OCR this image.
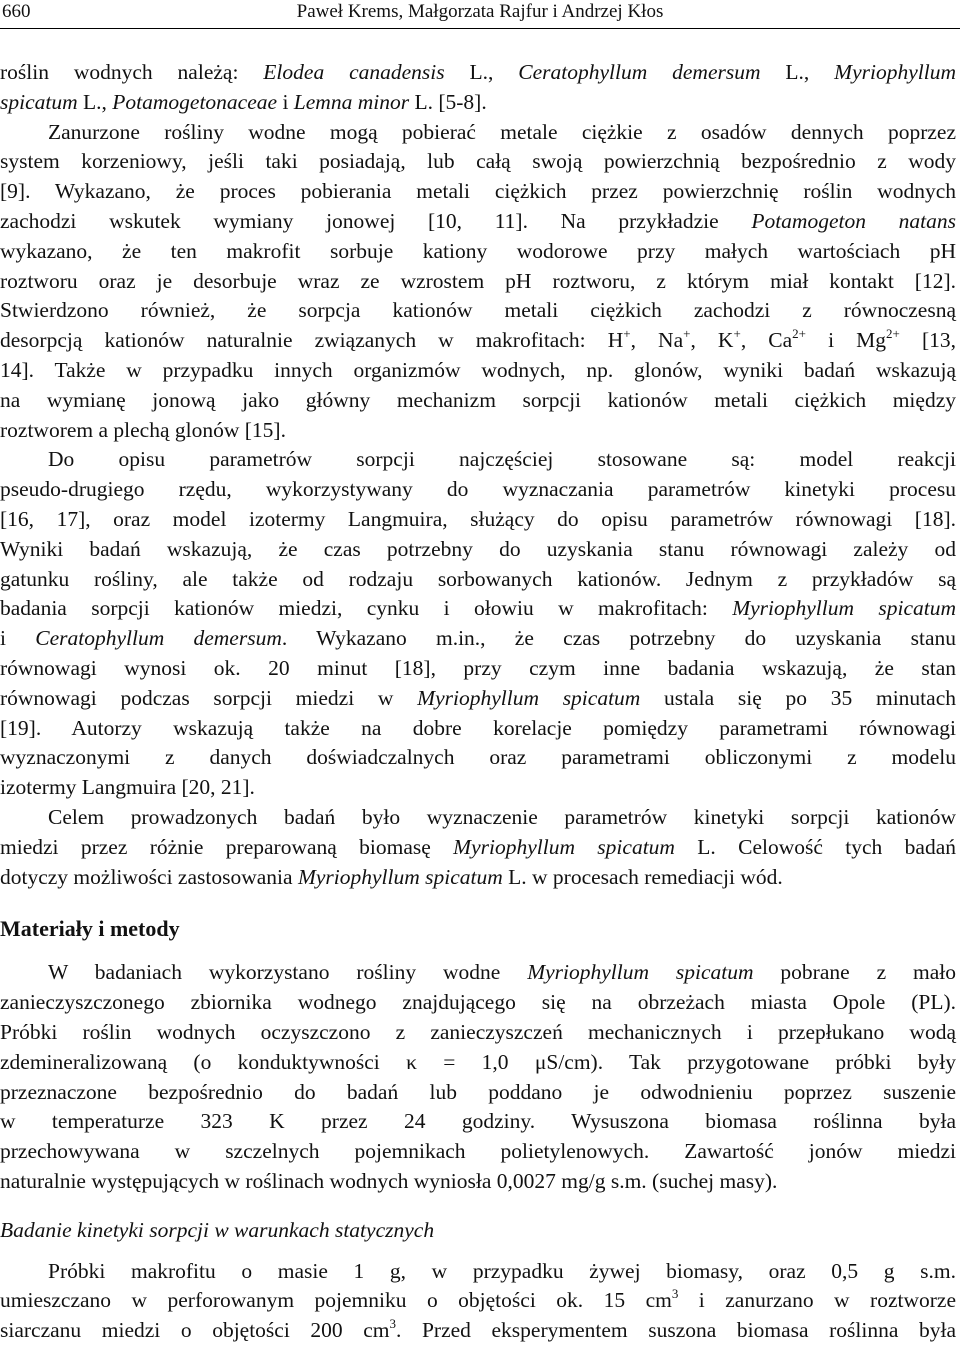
660	Paweł Krems, Małgorzata Rajfur i Andrzej Kłos
roślin wodnych należą: Elodea canadensis L., Ceratophyllum demersum L., Myriophyllum
spicatum L., Potamogetonaceae i Lemna minor L. [5-8].
Zanurzone rośliny wodne mogą pobierać metale ciężkie z osadów dennych poprzez
system korzeniowy, jeśli taki posiadają, lub całą swoją powierzchnią bezpośrednio z wody
[9]. Wykazano, że proces pobierania metali ciężkich przez powierzchnię roślin wodnych
zachodzi wskutek wymiany jonowej [10, 11]. Na przykładzie Potamogeton natans
wykazano, że ten makrofit sorbuje kationy wodorowe przy małych wartościach pH
roztworu oraz je desorbuje wraz ze wzrostem pH roztworu, z którym miał kontakt [12].
Stwierdzono również, że sorpcja kationów metali ciężkich zachodzi z równoczesną
desorpcją kationów naturalnie związanych w makrofitach: H+, Na+, K+, $Ca^{2+}$ i $Mg^{2+}$ [13,
14]. Także w przypadku innych organizmów wodnych, np. glonów, wyniki badań wskazują
na wymianę jonową jako główny mechanizm sorpcji kationów metali ciężkich między
roztworem a plechą glonów [15].
Do opisu parametrów sorpcji najczęściej stosowane są: model reakcji
pseudo-drugiego rzędu, wykorzystywany do wyznaczania parametrów kinetyki procesu
[16, 17], oraz model izotermy Langmuira, służący do opisu parametrów równowagi [18].
Wyniki badań wskazują, że czas potrzebny do uzyskania stanu równowagi zależy od
gatunku rośliny, ale także od rodzaju sorbowanych kationów. Jednym z przykładów są
badania sorpcji kationów miedzi, cynku i ołowiu w makrofitach: Myriophyllum spicatum
i Ceratophyllum demersum. Wykazano m.in., że czas potrzebny do uzyskania stanu
równowagi wynosi ok. 20 minut [18], przy czym inne badania wskazują, że stan
równowagi podczas sorpcji miedzi w Myriophyllum spicatum ustala się po 35 minutach
[19]. Autorzy wskazują także na dobre korelacje pomiędzy parametrami równowagi
wyznaczonymi z danych doświadczalnych oraz parametrami obliczonymi z modelu
izotermy Langmuira [20, 21].
Celem prowadzonych badań było wyznaczenie parametrów kinetyki sorpcji kationów
miedzi przez różnie preparowaną biomasę Myriophyllum spicatum L. Celowość tych badań
dotyczy możliwości zastosowania Myriophyllum spicatum L. w procesach remediacji wód.
Materiały i metody
W badaniach wykorzystano rośliny wodne Myriophyllum spicatum pobrane z mało
zanieczyszczonego zbiornika wodnego znajdującego się na obrzeżach miasta Opole (PL).
Próbki roślin wodnych oczyszczono z zanieczyszczeń mechanicznych i przepłukano wodą
zdemineralizowaną (o konduktywności κ = 1,0 μS/cm). Tak przygotowane próbki były
przeznaczone bezpośrednio do badań lub poddano je odwodnieniu poprzez suszenie
w temperaturze 323 K przez 24 godziny. Wysuszona biomasa roślinna była
przechowywana w szczelnych pojemnikach polietylenowych. Zawartość jonów miedzi
naturalnie występujących w roślinach wodnych wyniosła 0,0027 mg/g s.m. (suchej masy).
Badanie kinetyki sorpcji w warunkach statycznych
Próbki makrofitu o masie 1 g, w przypadku żywej biomasy, oraz 0,5 g s.m.
umieszczano w perforowanym pojemniku o objętości ok. 15 $cm^3$ i zanurzano w roztworze
siarczanu miedzi o objętości 200 $cm^3$. Przed eksperymentem suszona biomasa roślinna była
